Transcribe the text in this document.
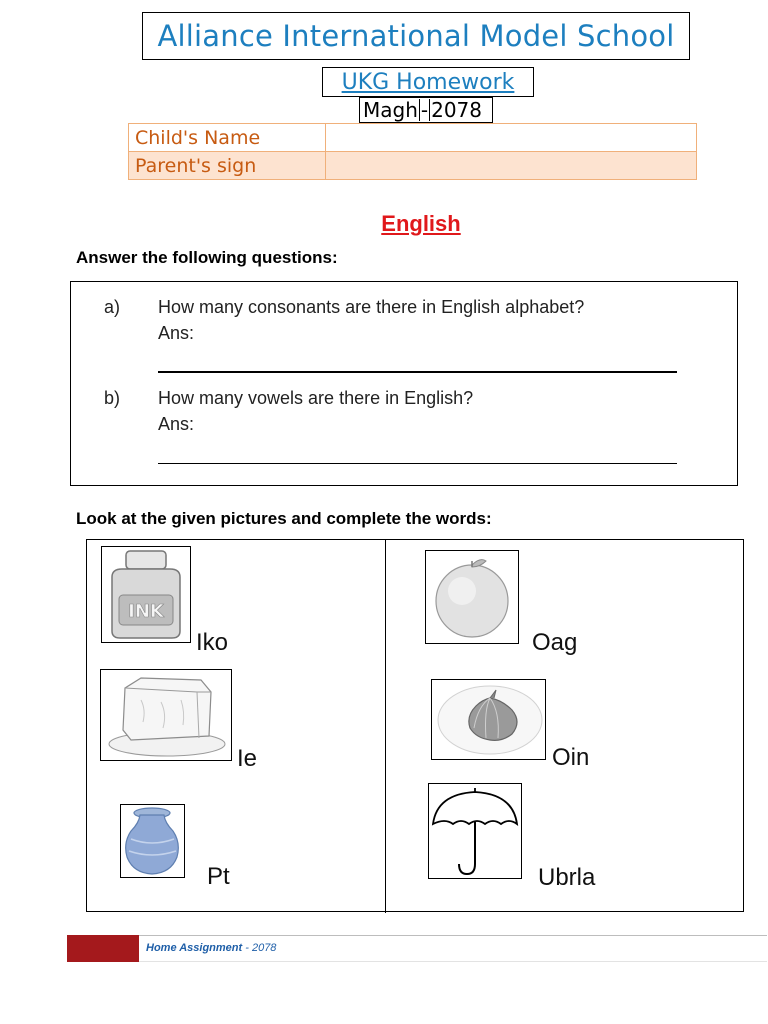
Alliance International Model School
UKG Homework
Magh - 2078
Child's Name	
Parent's sign	
English
Answer the following questions:
a) How many consonants are there in English alphabet?
Ans:
b) How many vowels are there in English?
Ans:
Look at the given pictures and complete the words:
INK
Iko
Ie
Pt
Oag
Oin
Ubrla
Home Assignment - 2078
